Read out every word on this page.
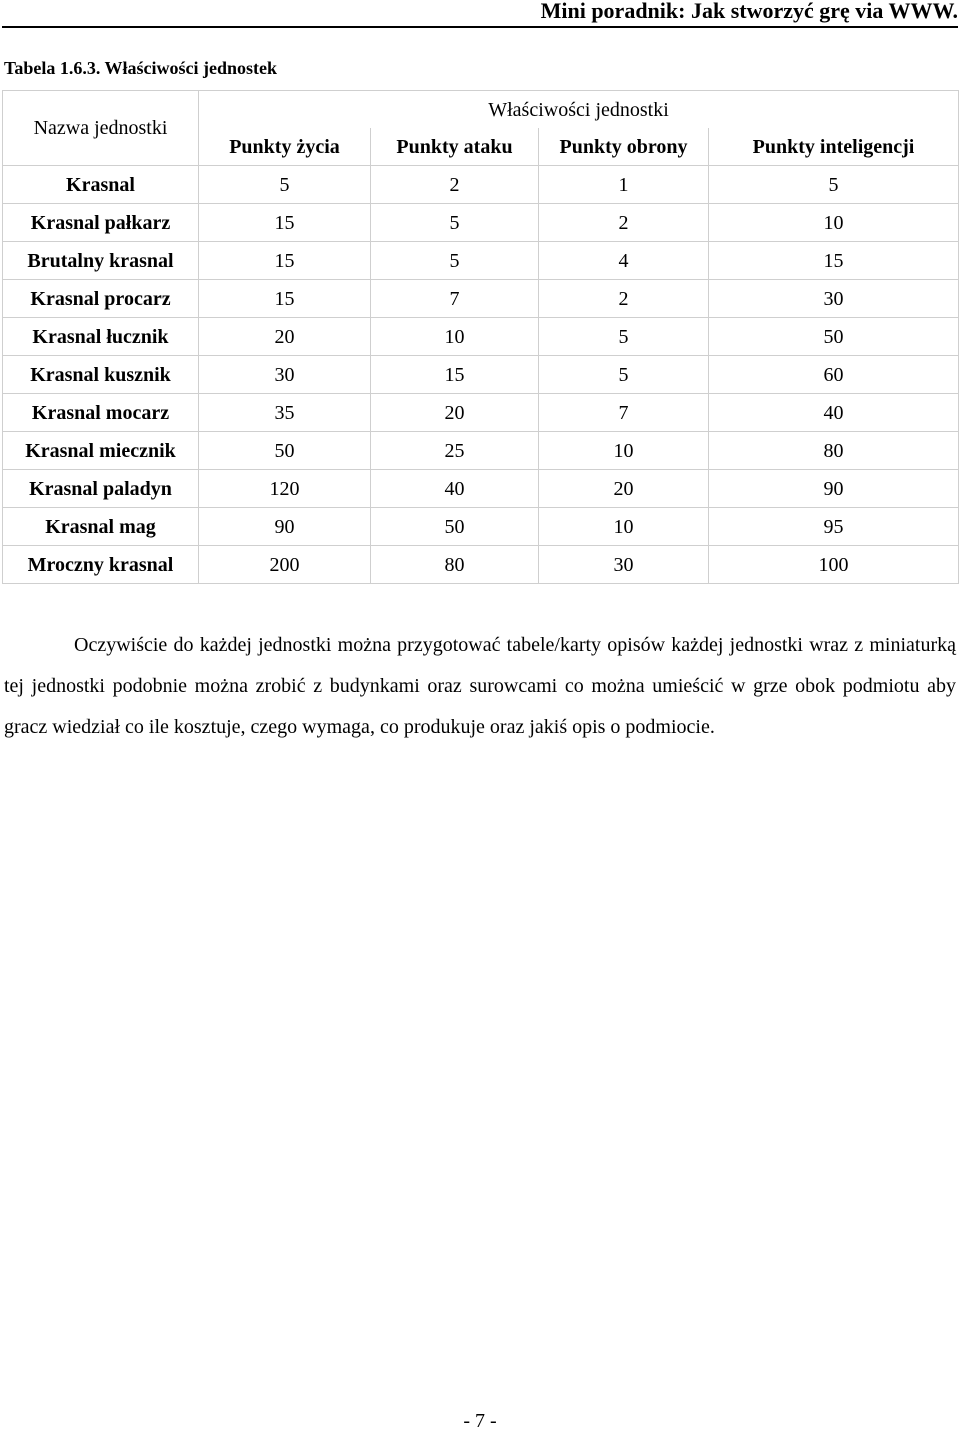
Mini poradnik: Jak stworzyć grę via WWW.
Tabela 1.6.3. Właściwości jednostek
Nazwa jednostki	Właściwości jednostki			
	Punkty życia	Punkty ataku	Punkty obrony	Punkty inteligencji
Krasnal	5	2	1	5
Krasnal pałkarz	15	5	2	10
Brutalny krasnal	15	5	4	15
Krasnal procarz	15	7	2	30
Krasnal łucznik	20	10	5	50
Krasnal kusznik	30	15	5	60
Krasnal mocarz	35	20	7	40
Krasnal miecznik	50	25	10	80
Krasnal paladyn	120	40	20	90
Krasnal mag	90	50	10	95
Mroczny krasnal	200	80	30	100
Oczywiście do każdej jednostki można przygotować tabele/karty opisów każdej jednostki wraz z miniaturką tej jednostki podobnie można zrobić z budynkami oraz surowcami co można umieścić w grze obok podmiotu aby gracz wiedział co ile kosztuje, czego wymaga, co produkuje oraz jakiś opis o podmiocie.
- 7 -
